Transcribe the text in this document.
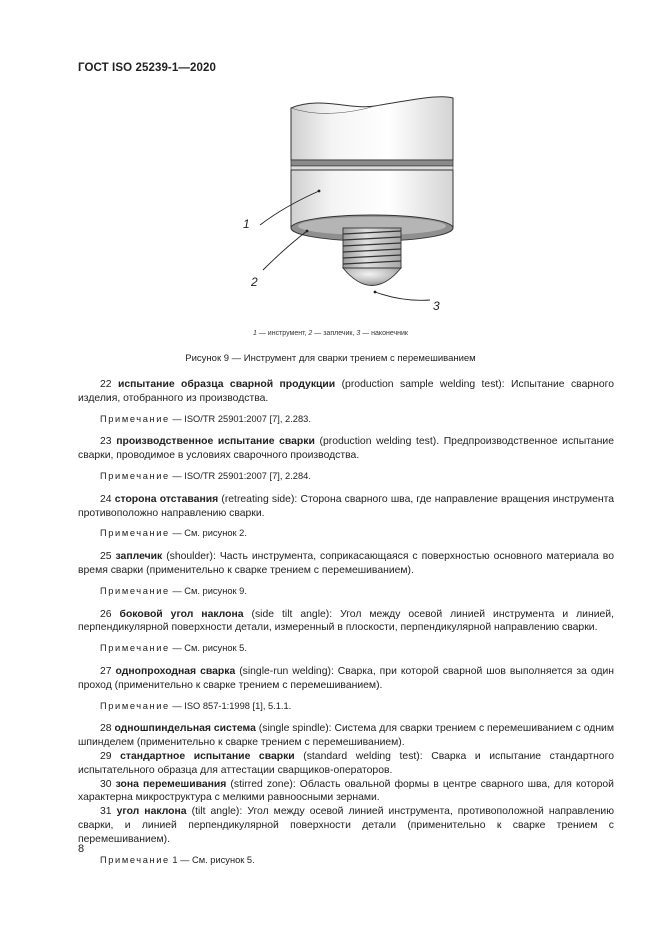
ГОСТ ISO 25239-1—2020
1
2
3
1 — инструмент, 2 — заплечик, 3 — наконечник
Рисунок 9 — Инструмент для сварки трением с перемешиванием

22 испытание образца сварной продукции (production sample welding test): Испытание сварного изделия, отобранного из производства.

Примечание — ISO/TR 25901:2007 [7], 2.283.

23 производственное испытание сварки (production welding test). Предпроизводственное испытание сварки, проводимое в условиях сварочного производства.

Примечание — ISO/TR 25901:2007 [7], 2.284.

24 сторона отставания (retreating side): Сторона сварного шва, где направление вращения инструмента противоположно направлению сварки.

Примечание — См. рисунок 2.

25 заплечик (shoulder): Часть инструмента, соприкасающаяся с поверхностью основного материала во время сварки (применительно к сварке трением с перемешиванием).

Примечание — См. рисунок 9.

26 боковой угол наклона (side tilt angle): Угол между осевой линией инструмента и линией, перпендикулярной поверхности детали, измеренный в плоскости, перпендикулярной направлению сварки.

Примечание — См. рисунок 5.

27 однопроходная сварка (single-run welding): Сварка, при которой сварной шов выполняется за один проход (применительно к сварке трением с перемешиванием).

Примечание — ISO 857-1:1998 [1], 5.1.1.

28 одношпиндельная система (single spindle): Система для сварки трением с перемешиванием с одним шпинделем (применительно к сварке трением с перемешиванием).

29 стандартное испытание сварки (standard welding test): Сварка и испытание стандартного испытательного образца для аттестации сварщиков-операторов.

30 зона перемешивания (stirred zone): Область овальной формы в центре сварного шва, для которой характерна микроструктура с мелкими равноосными зернами.

31 угол наклона (tilt angle): Угол между осевой линией инструмента, противоположной направлению сварки, и линией перпендикулярной поверхности детали (применительно к сварке трением с перемешиванием).

Примечание 1 — См. рисунок 5.

8
